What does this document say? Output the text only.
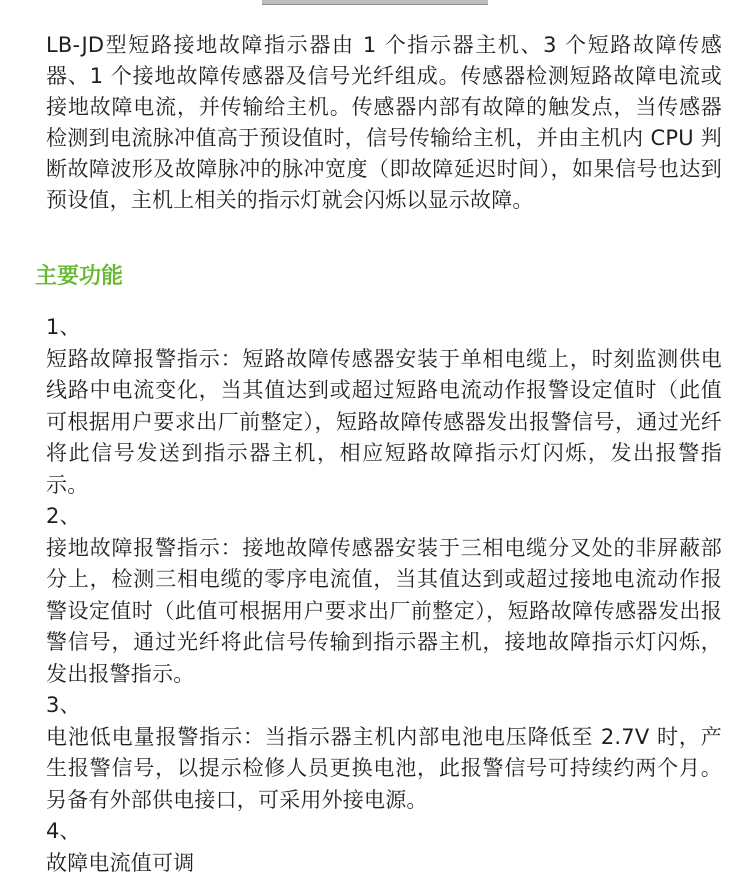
LB-JD型短路接地故障指示器由 1 个指示器主机、3 个短路故障传感器、1 个接地故障传感器及信号光纤组成。传感器检测短路故障电流或接地故障电流，并传输给主机。传感器内部有故障的触发点，当传感器检测到电流脉冲值高于预设值时，信号传输给主机，并由主机内 CPU 判断故障波形及故障脉冲的脉冲宽度（即故障延迟时间），如果信号也达到预设值，主机上相关的指示灯就会闪烁以显示故障。

主要功能

1、

短路故障报警指示：短路故障传感器安装于单相电缆上，时刻监测供电线路中电流变化，当其值达到或超过短路电流动作报警设定值时（此值可根据用户要求出厂前整定），短路故障传感器发出报警信号，通过光纤将此信号发送到指示器主机，相应短路故障指示灯闪烁，发出报警指示。

2、

接地故障报警指示：接地故障传感器安装于三相电缆分叉处的非屏蔽部分上，检测三相电缆的零序电流值，当其值达到或超过接地电流动作报警设定值时（此值可根据用户要求出厂前整定），短路故障传感器发出报警信号，通过光纤将此信号传输到指示器主机，接地故障指示灯闪烁，发出报警指示。

3、

电池低电量报警指示：当指示器主机内部电池电压降低至 2.7V 时，产生报警信号，以提示检修人员更换电池，此报警信号可持续约两个月。另备有外部供电接口，可采用外接电源。

4、

故障电流值可调
